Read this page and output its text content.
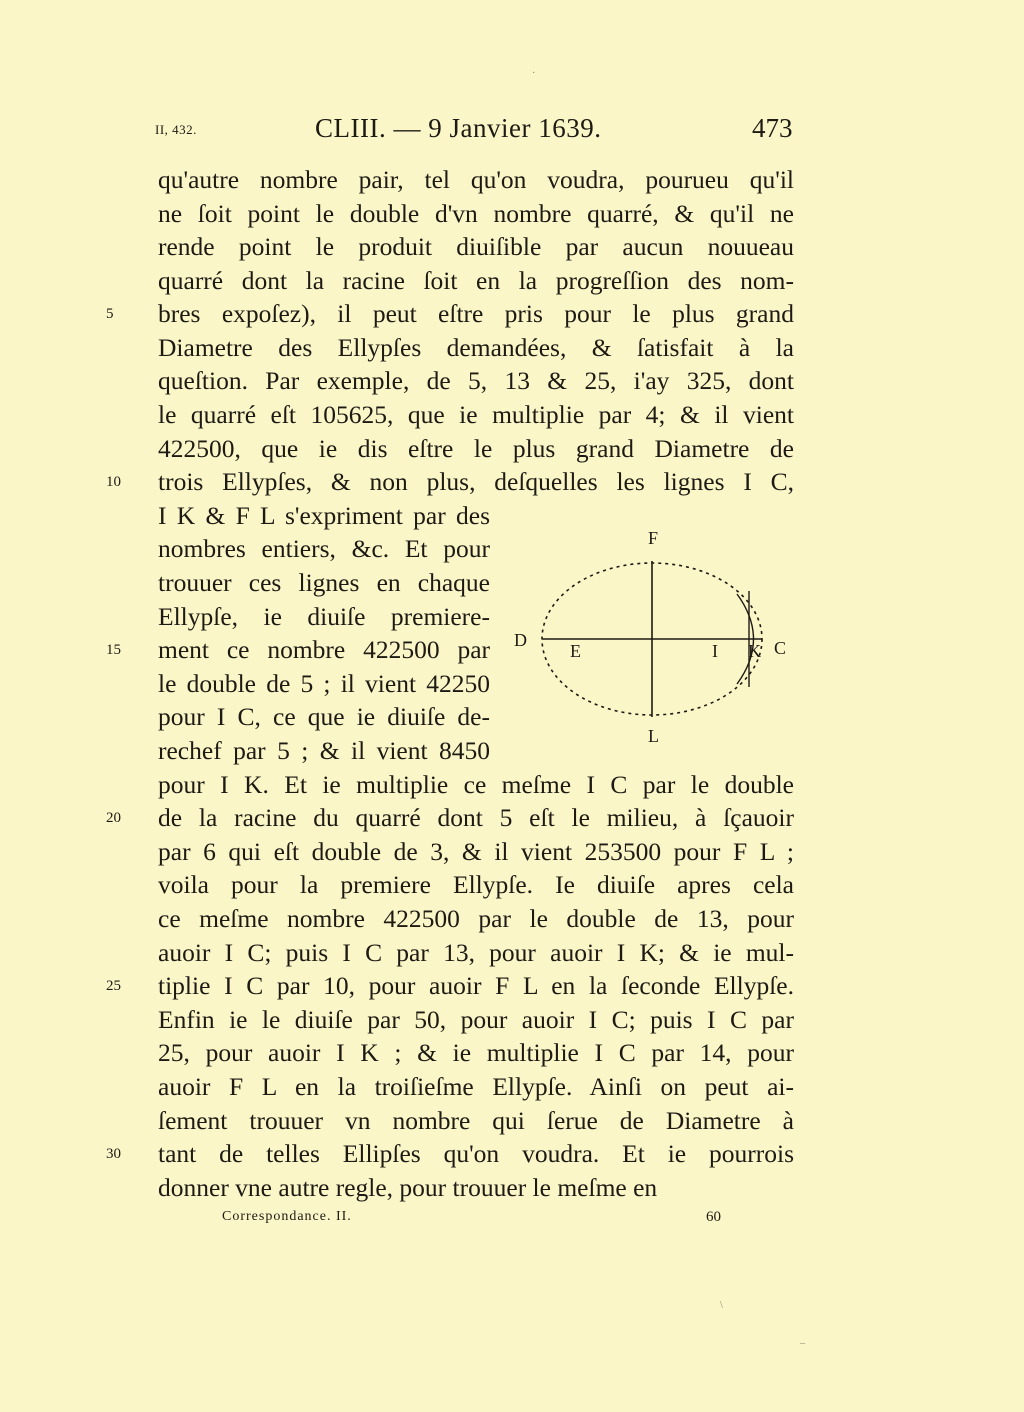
II, 432.	CLIII. — 9 Janvier 1639.	473
qu'autre nombre pair, tel qu'on voudra, pourueu qu'il
ne ſoit point le double d'vn nombre quarré, & qu'il ne
rende point le produit diuiſible par aucun nouueau
quarré dont la racine ſoit en la progreſſion des nom-
bres expoſez), il peut eſtre pris pour le plus grand
Diametre des Ellypſes demandées, & ſatisfait à la
queſtion. Par exemple, de 5, 13 & 25, i'ay 325, dont
le quarré eſt 105625, que ie multiplie par 4; & il vient
422500, que ie dis eſtre le plus grand Diametre de
trois Ellypſes, & non plus, deſquelles les lignes I C,
I K & F L s'expriment par des
nombres entiers, &c. Et pour
trouuer ces lignes en chaque
Ellypſe, ie diuiſe premiere-
ment ce nombre 422500 par
le double de 5 ; il vient 42250
pour I C, ce que ie diuiſe de-
rechef par 5 ; & il vient 8450
pour I K. Et ie multiplie ce meſme I C par le double
de la racine du quarré dont 5 eſt le milieu, à ſçauoir
par 6 qui eſt double de 3, & il vient 253500 pour F L ;
voila pour la premiere Ellypſe. Ie diuiſe apres cela
ce meſme nombre 422500 par le double de 13, pour
auoir I C; puis I C par 13, pour auoir I K; & ie mul-
tiplie I C par 10, pour auoir F L en la ſeconde Ellypſe.
Enfin ie le diuiſe par 50, pour auoir I C; puis I C par
25, pour auoir I K ; & ie multiplie I C par 14, pour
auoir F L en la troiſieſme Ellypſe. Ainſi on peut ai-
ſement trouuer vn nombre qui ſerue de Diametre à
tant de telles Ellipſes qu'on voudra. Et ie pourrois
donner vne autre regle, pour trouuer le meſme en
5
10
15
20
25
30
F
D
E	I K C
L
Correspondance. II.	60
·
\
–
